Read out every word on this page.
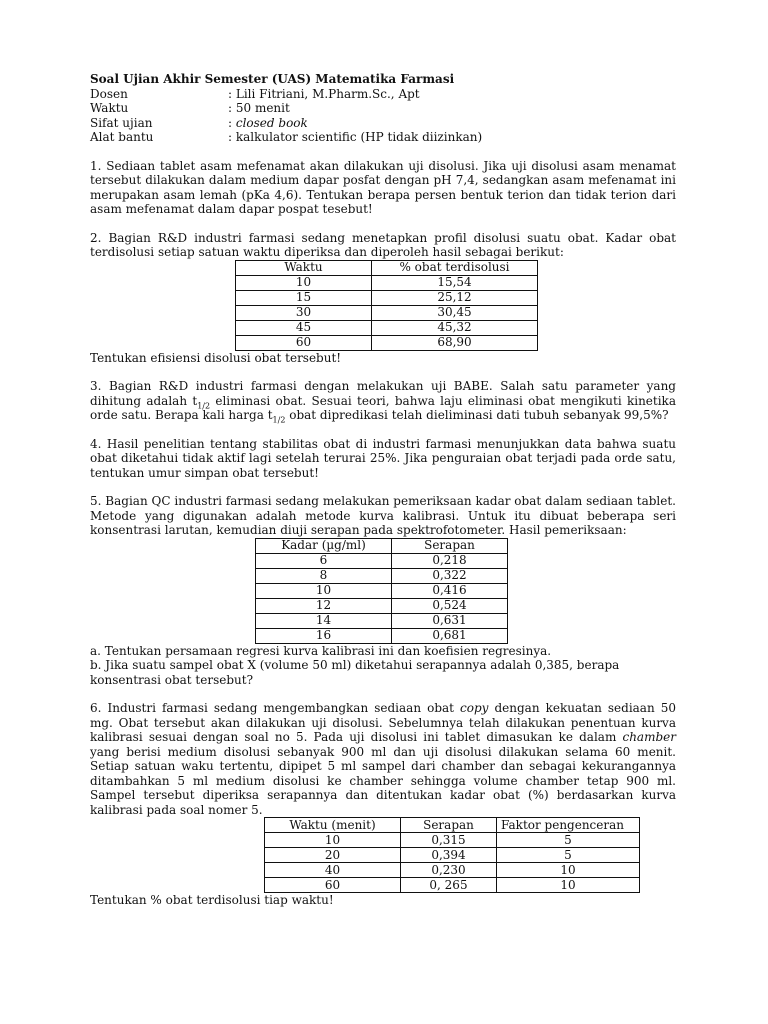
Soal Ujian Akhir Semester (UAS) Matematika Farmasi
Dosen	: Lili Fitriani, M.Pharm.Sc., Apt
Waktu	: 50 menit
Sifat ujian	: closed book
Alat bantu	: kalkulator scientific (HP tidak diizinkan)
1. Sediaan tablet asam mefenamat akan dilakukan uji disolusi. Jika uji disolusi asam menamat tersebut dilakukan dalam medium dapar posfat dengan pH 7,4, sedangkan asam mefenamat ini merupakan asam lemah (pKa 4,6). Tentukan berapa persen bentuk terion dan tidak terion dari asam mefenamat dalam dapar pospat tesebut!
2. Bagian R&D industri farmasi sedang menetapkan profil disolusi suatu obat. Kadar obat terdisolusi setiap satuan waktu diperiksa dan diperoleh hasil sebagai berikut:
Waktu	% obat terdisolusi
10	15,54
15	25,12
30	30,45
45	45,32
60	68,90
Tentukan efisiensi disolusi obat tersebut!
3. Bagian R&D industri farmasi dengan melakukan uji BABE. Salah satu parameter yang dihitung adalah $t_{1/2}$ eliminasi obat. Sesuai teori, bahwa laju eliminasi obat mengikuti kinetika orde satu. Berapa kali harga $t_{1/2}$ obat dipredikasi telah dieliminasi dati tubuh sebanyak 99,5%?
4. Hasil penelitian tentang stabilitas obat di industri farmasi menunjukkan data bahwa suatu obat diketahui tidak aktif lagi setelah terurai 25%. Jika penguraian obat terjadi pada orde satu, tentukan umur simpan obat tersebut!
5. Bagian QC industri farmasi sedang melakukan pemeriksaan kadar obat dalam sediaan tablet. Metode yang digunakan adalah metode kurva kalibrasi. Untuk itu dibuat beberapa seri konsentrasi larutan, kemudian diuji serapan pada spektrofotometer. Hasil pemeriksaan:
Kadar (µg/ml)	Serapan
6	0,218
8	0,322
10	0,416
12	0,524
14	0,631
16	0,681
a. Tentukan persamaan regresi kurva kalibrasi ini dan koefisien regresinya.
b. Jika suatu sampel obat X (volume 50 ml) diketahui serapannya adalah 0,385, berapa konsentrasi obat tersebut?
6. Industri farmasi sedang mengembangkan sediaan obat copy dengan kekuatan sediaan 50 mg. Obat tersebut akan dilakukan uji disolusi. Sebelumnya telah dilakukan penentuan kurva kalibrasi sesuai dengan soal no 5. Pada uji disolusi ini tablet dimasukan ke dalam chamber yang berisi medium disolusi sebanyak 900 ml dan uji disolusi dilakukan selama 60 menit. Setiap satuan waku tertentu, dipipet 5 ml sampel dari chamber dan sebagai kekurangannya ditambahkan 5 ml medium disolusi ke chamber sehingga volume chamber tetap 900 ml. Sampel tersebut diperiksa serapannya dan ditentukan kadar obat (%) berdasarkan kurva kalibrasi pada soal nomer 5.
Waktu (menit)	Serapan	Faktor pengenceran
10	0,315	5
20	0,394	5
40	0,230	10
60	0, 265	10
Tentukan % obat terdisolusi tiap waktu!
